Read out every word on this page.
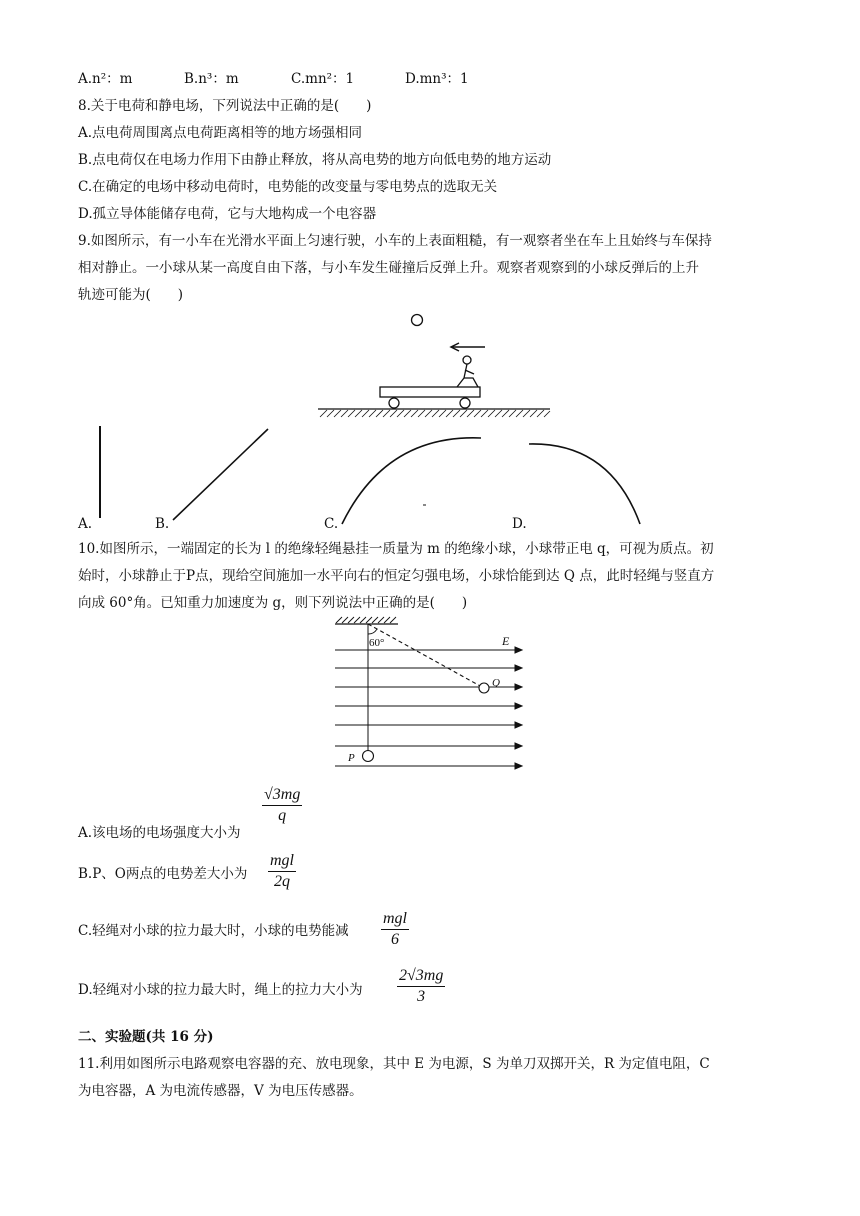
A.n²：m	B.n³：m	C.mn²：1	D.mn³：1
8.关于电荷和静电场，下列说法中正确的是(　　)
A.点电荷周围离点电荷距离相等的地方场强相同
B.点电荷仅在电场力作用下由静止释放，将从高电势的地方向低电势的地方运动
C.在确定的电场中移动电荷时，电势能的改变量与零电势点的选取无关
D.孤立导体能储存电荷，它与大地构成一个电容器
9.如图所示，有一小车在光滑水平面上匀速行驶，小车的上表面粗糙，有一观察者坐在车上且始终与车保持
相对静止。一小球从某一高度自由下落，与小车发生碰撞后反弹上升。观察者观察到的小球反弹后的上升
轨迹可能为(　　)
A.	B.	C.	D.
10.如图所示，一端固定的长为 l 的绝缘轻绳悬挂一质量为 m 的绝缘小球，小球带正电 q，可视为质点。初
始时，小球静止于P点，现给空间施加一水平向右的恒定匀强电场，小球恰能到达 Q 点，此时轻绳与竖直方
向成 60°角。已知重力加速度为 g，则下列说法中正确的是(　　)
60°	E
Q
P
A.该电场的电场强度大小为
$\frac{√3mg}{q}$
B.P、O两点的电势差大小为
mgl
2q
C.轻绳对小球的拉力最大时，小球的电势能减
mgl
6
D.轻绳对小球的拉力最大时，绳上的拉力大小为 $\frac{2√3mg}{3}$
二、实验题(共 16 分)
11.利用如图所示电路观察电容器的充、放电现象，其中 E 为电源，S 为单刀双掷开关，R 为定值电阻，C
为电容器，A 为电流传感器，V 为电压传感器。
